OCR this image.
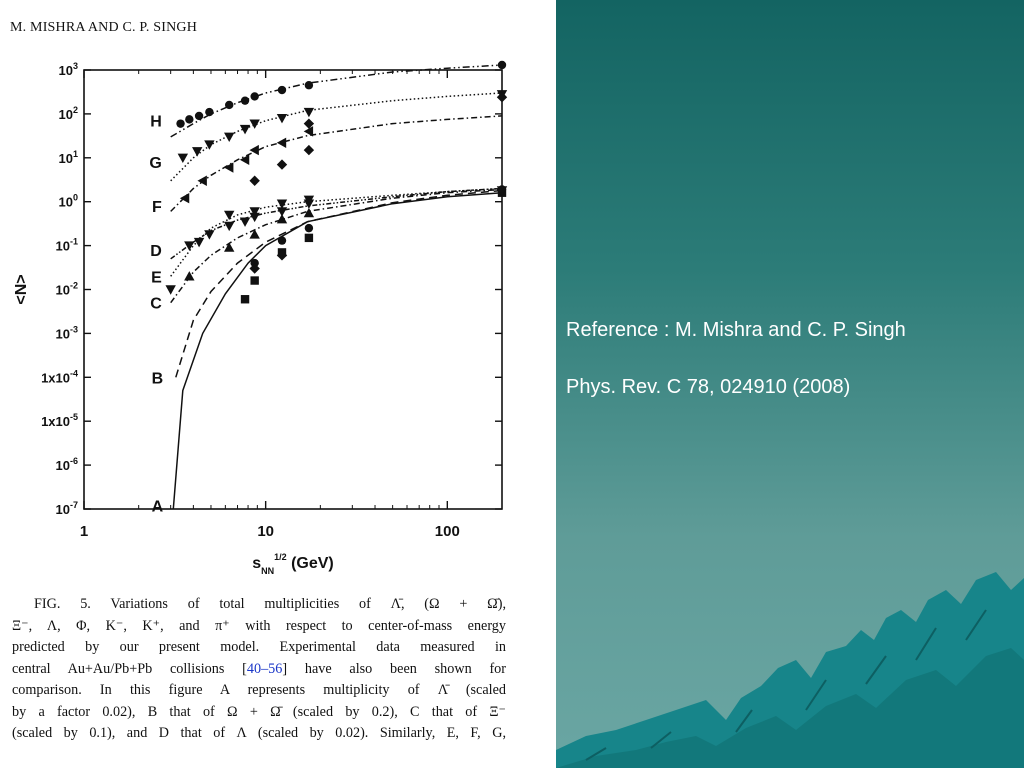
M. MISHRA AND C. P. SINGH
1	10	100
$10^{-7}$
$10^{-6}$
$1x10^{-5}$
$1x10^{-4}$
$10^{-3}$
$10^{-2}$
$10^{-1}$
$10^0$
$10^1$
$10^2$
$10^3$
<N>
$s_{NN}^{1/2}$ (GeV)
A
B
C
D
E
F
G
H
FIG. 5. Variations of total multiplicities of Λ̄, (Ω + Ω̄),
Ξ⁻, Λ, Φ, K⁻, K⁺, and π⁺ with respect to center-of-mass energy
predicted by our present model. Experimental data measured in
central Au+Au/Pb+Pb collisions [40–56] have also been shown for
comparison. In this figure A represents multiplicity of Λ̄ (scaled
by a factor 0.02), B that of Ω + Ω̄ (scaled by 0.2), C that of Ξ⁻
(scaled by 0.1), and D that of Λ (scaled by 0.02). Similarly, E, F, G,
Reference : M. Mishra and C. P. Singh
Phys. Rev. C 78, 024910 (2008)
